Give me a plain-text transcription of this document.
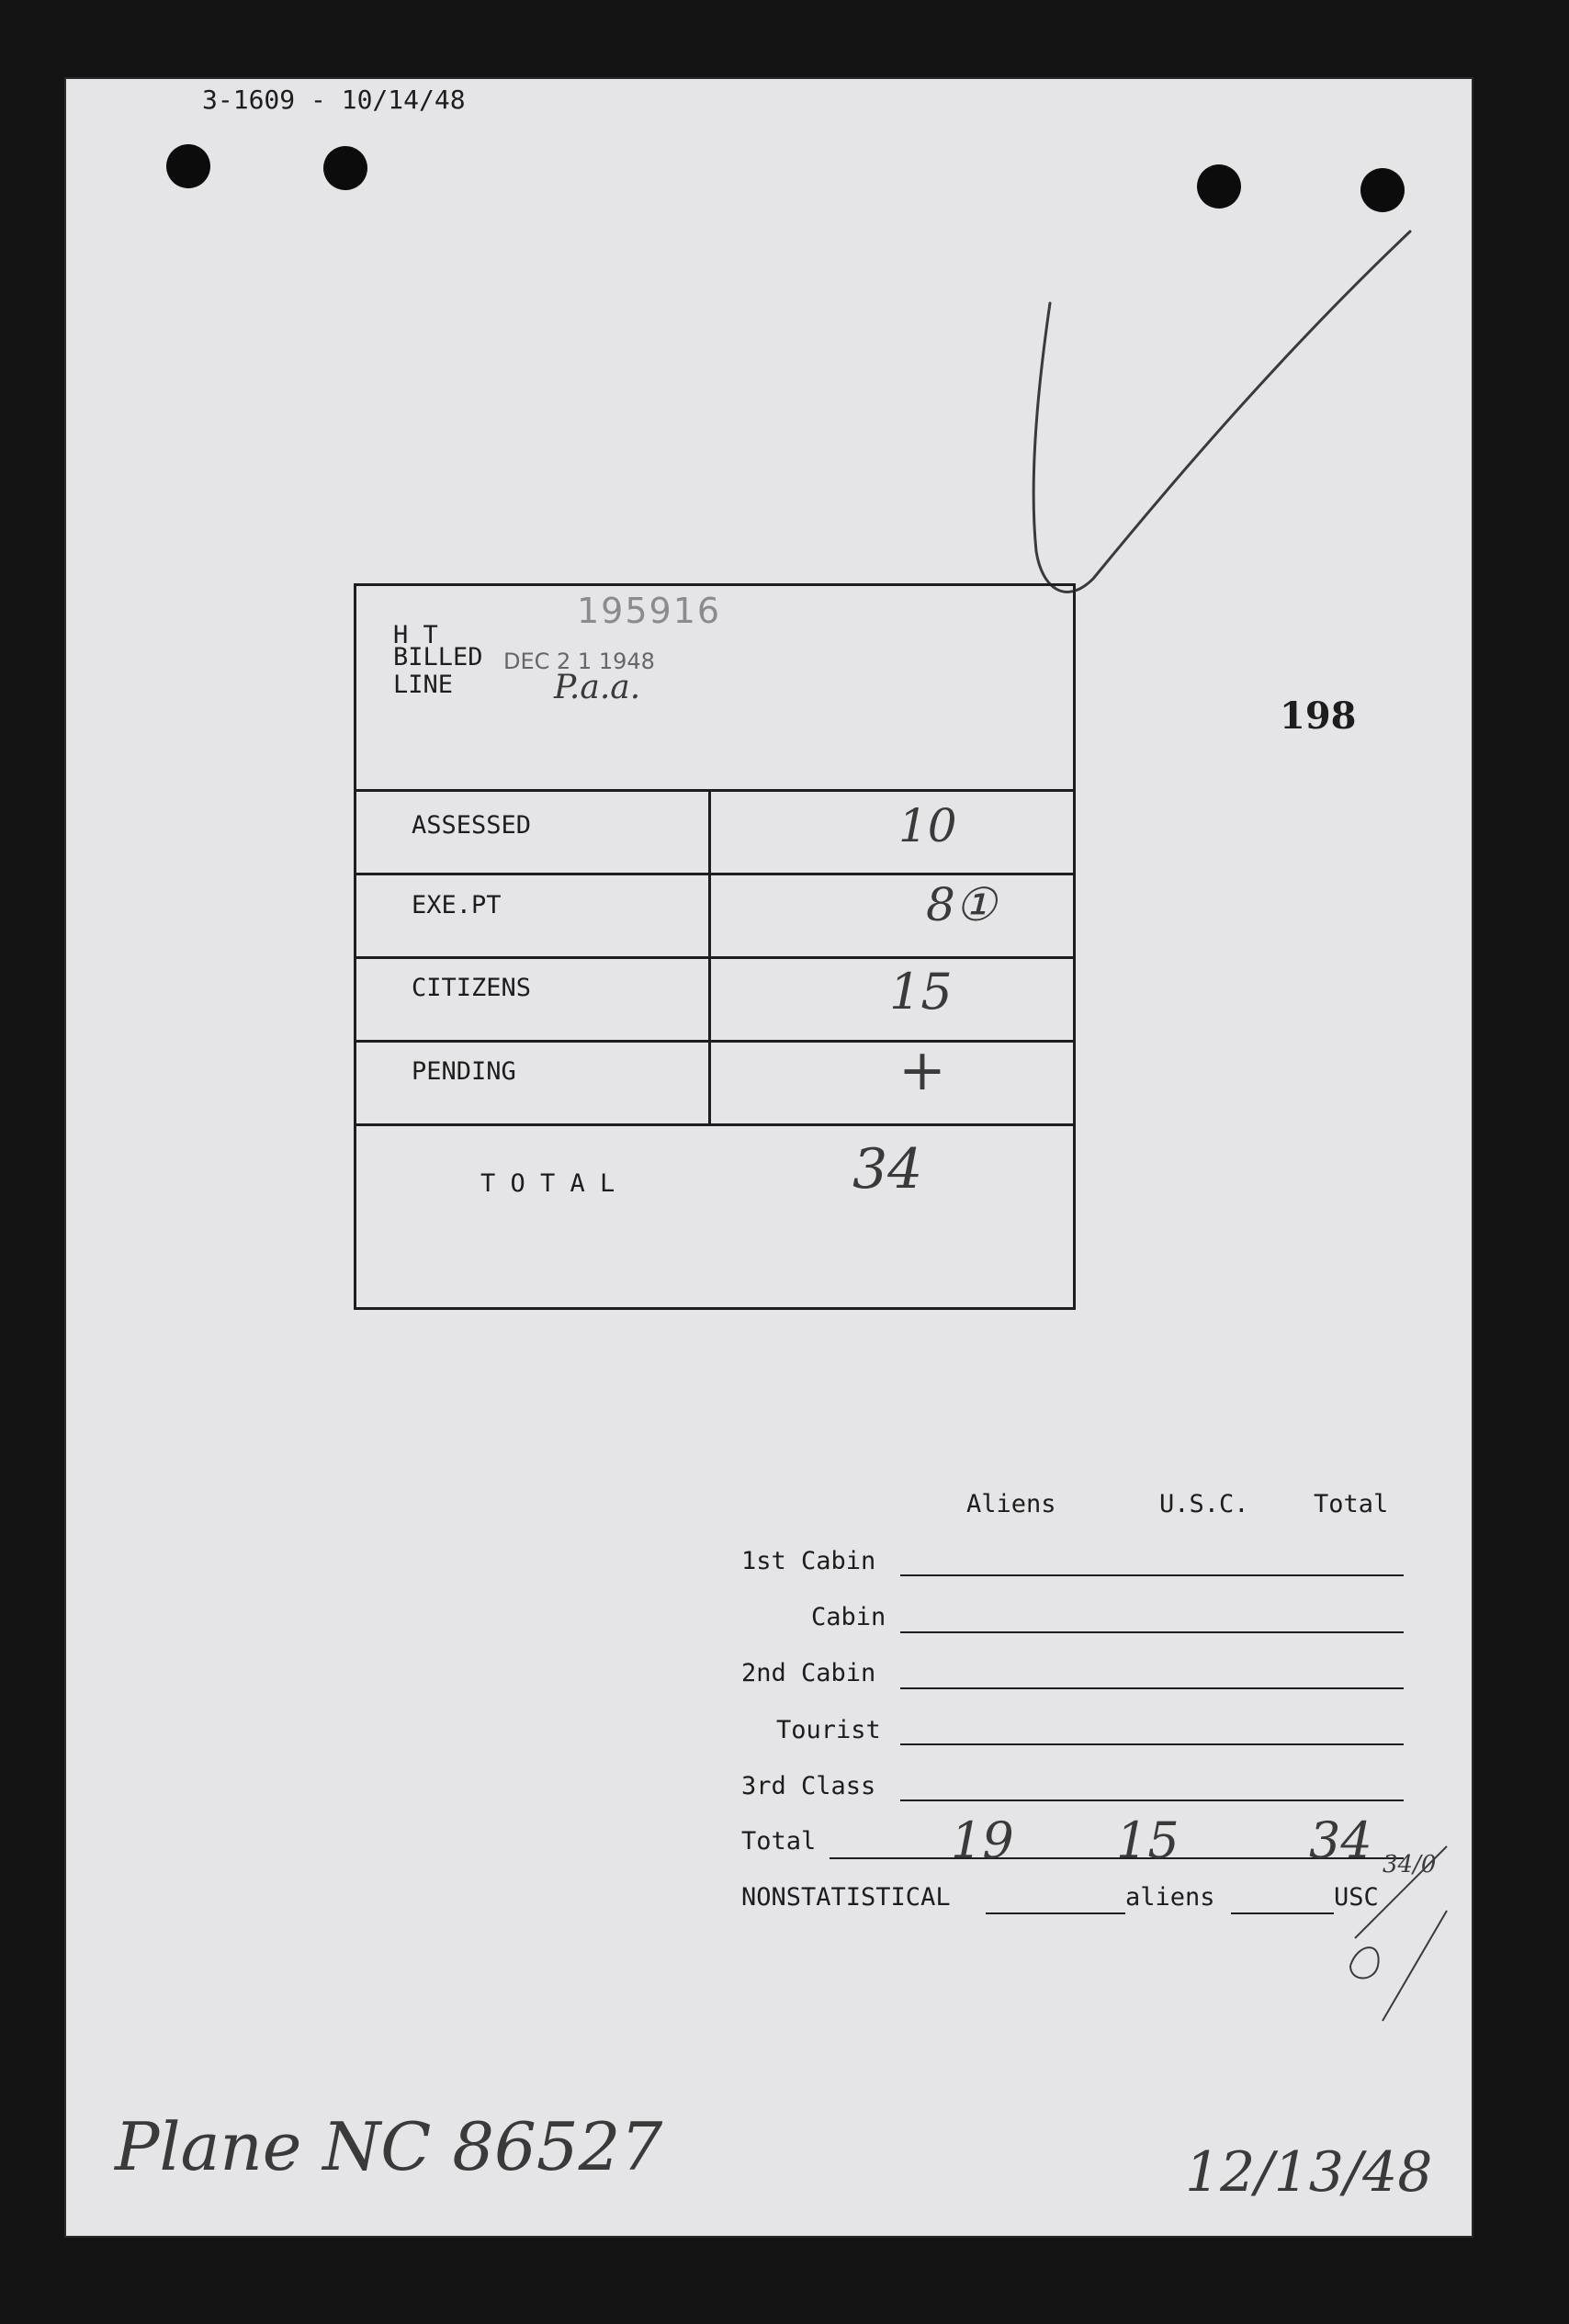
3-1609 - 10/14/48
198
195916
H T
BILLED DEC 2 1 1948
LINE	P.a.a.
ASSESSED	10
EXE.PT	8①
CITIZENS	15
PENDING	+
T O T A L	34
Aliens	U.S.C.	Total
1st Cabin
Cabin
2nd Cabin
Tourist
3rd Class
Total	19 15	34
NONSTATISTICAL	aliens	USC
34/0
Plane NC 86527	12/13/48
